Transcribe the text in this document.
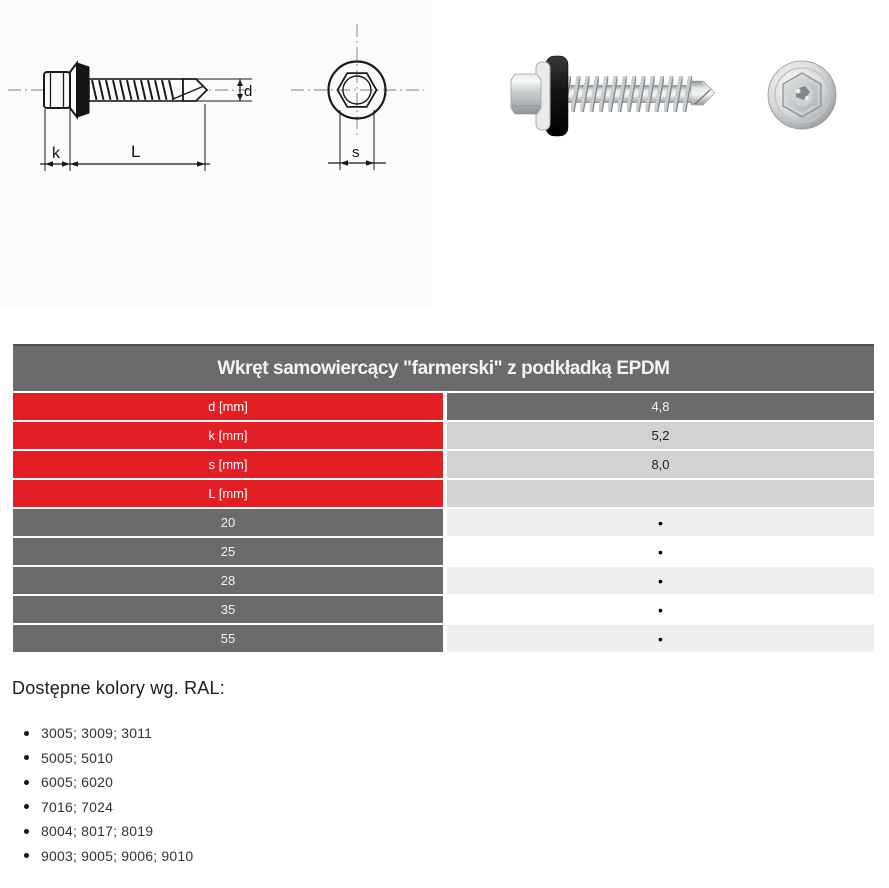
d
k	L	s
Wkręt samowiercący "farmerski" z podkładką EPDM
d [mm]	4,8
k [mm]	5,2
s [mm]	8,0
L [mm]
20	•
25	•
28	•
35	•
55	•
Dostępne kolory wg. RAL:
3005; 3009; 3011
5005; 5010
6005; 6020
7016; 7024
8004; 8017; 8019
9003; 9005; 9006; 9010
